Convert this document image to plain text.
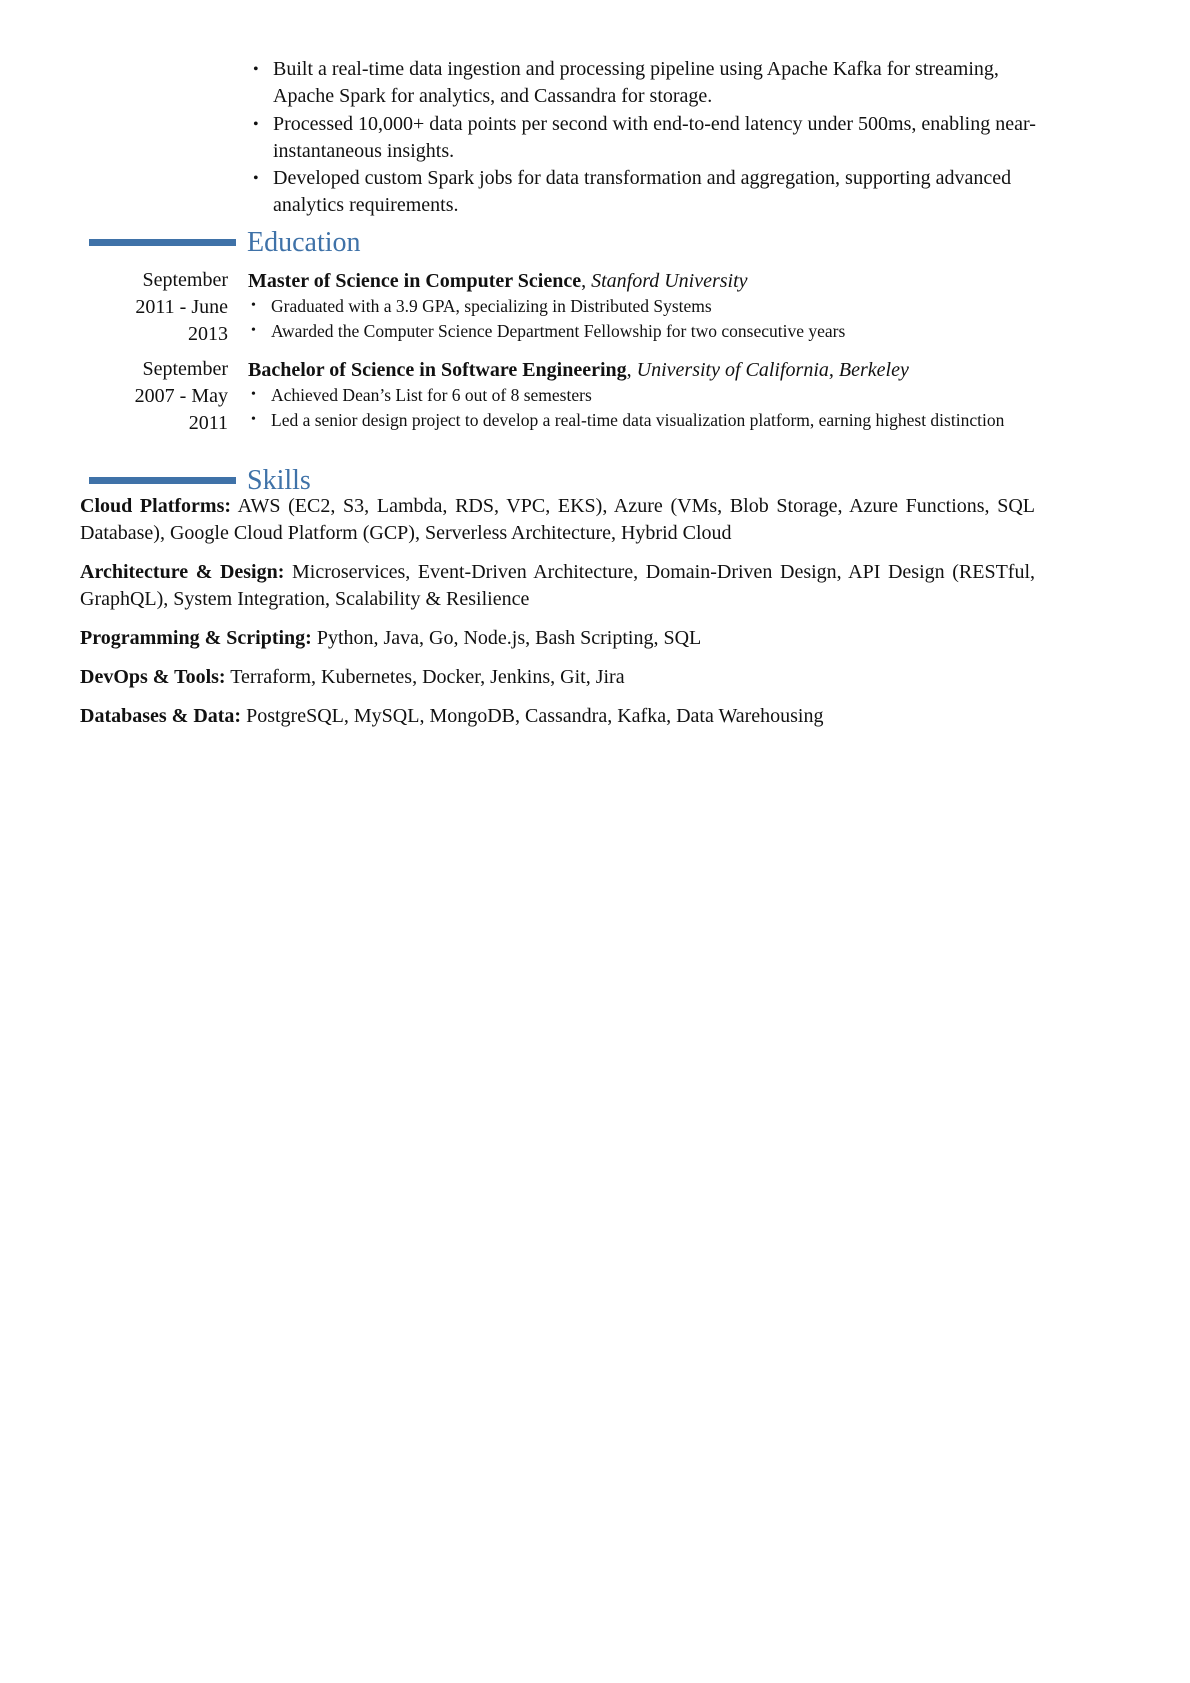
• Built a real-time data ingestion and processing pipeline using Apache Kafka for streaming, Apache Spark for analytics, and Cassandra for storage.
• Processed 10,000+ data points per second with end-to-end latency under 500ms, enabling near-instantaneous insights.
• Developed custom Spark jobs for data transformation and aggregation, supporting advanced analytics requirements.
Education
September 2011 - June 2013
Master of Science in Computer Science, Stanford University
• Graduated with a 3.9 GPA, specializing in Distributed Systems
• Awarded the Computer Science Department Fellowship for two consecutive years
September 2007 - May 2011
Bachelor of Science in Software Engineering, University of California, Berkeley
• Achieved Dean’s List for 6 out of 8 semesters
• Led a senior design project to develop a real-time data visualization platform, earning highest distinction
Skills
Cloud Platforms: AWS (EC2, S3, Lambda, RDS, VPC, EKS), Azure (VMs, Blob Storage, Azure Functions, SQL Database), Google Cloud Platform (GCP), Serverless Architecture, Hybrid Cloud
Architecture & Design: Microservices, Event-Driven Architecture, Domain-Driven Design, API Design (RESTful, GraphQL), System Integration, Scalability & Resilience
Programming & Scripting: Python, Java, Go, Node.js, Bash Scripting, SQL
DevOps & Tools: Terraform, Kubernetes, Docker, Jenkins, Git, Jira
Databases & Data: PostgreSQL, MySQL, MongoDB, Cassandra, Kafka, Data Warehousing
